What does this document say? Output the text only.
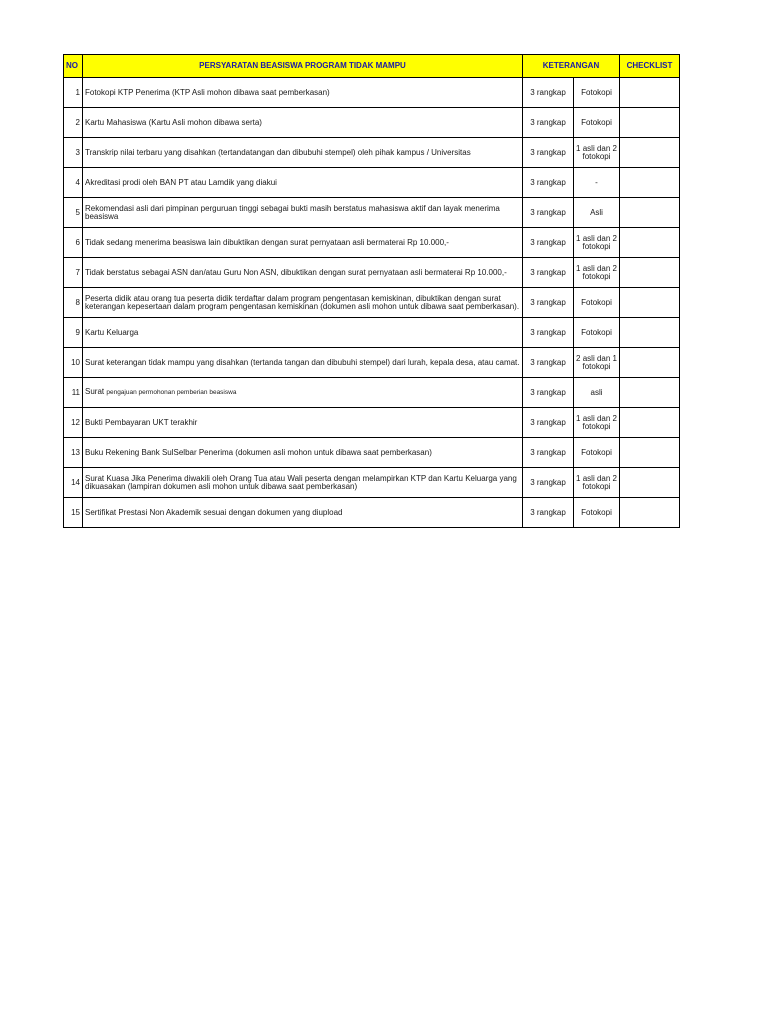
NO	PERSYARATAN BEASISWA PROGRAM TIDAK MAMPU	KETERANGAN		CHECKLIST
1	Fotokopi KTP Penerima (KTP Asli mohon dibawa saat pemberkasan)	3 rangkap	Fotokopi	
2	Kartu Mahasiswa (Kartu Asli mohon dibawa serta)	3 rangkap	Fotokopi	
3	Transkrip nilai terbaru yang disahkan (tertandatangan dan dibubuhi stempel) oleh pihak kampus / Universitas	3 rangkap	1 asli dan 2 fotokopi	
4	Akreditasi prodi oleh BAN PT atau Lamdik yang diakui	3 rangkap	-	
5	Rekomendasi asli dari pimpinan perguruan tinggi sebagai bukti masih berstatus mahasiswa aktif dan layak menerima beasiswa	3 rangkap	Asli	
6	Tidak sedang menerima beasiswa lain dibuktikan dengan surat pernyataan asli bermaterai Rp 10.000,-	3 rangkap	1 asli dan 2 fotokopi	
7	Tidak berstatus sebagai ASN dan/atau Guru Non ASN, dibuktikan dengan surat pernyataan asli bermaterai Rp 10.000,-	3 rangkap	1 asli dan 2 fotokopi	
8	Peserta didik atau orang tua peserta didik terdaftar dalam program pengentasan kemiskinan, dibuktikan dengan surat keterangan kepesertaan dalam program pengentasan kemiskinan (dokumen asli mohon untuk dibawa saat pemberkasan).	3 rangkap	Fotokopi	
9	Kartu Keluarga	3 rangkap	Fotokopi	
10	Surat keterangan tidak mampu yang disahkan (tertanda tangan dan dibubuhi stempel) dari lurah, kepala desa, atau camat.	3 rangkap	2 asli dan 1 fotokopi	
11	Surat pengajuan permohonan pemberian beasiswa	3 rangkap	asli	
12	Bukti Pembayaran UKT terakhir	3 rangkap	1 asli dan 2 fotokopi	
13	Buku Rekening Bank SulSelbar Penerima (dokumen asli mohon untuk dibawa saat pemberkasan)	3 rangkap	Fotokopi	
14	Surat Kuasa Jika Penerima diwakili oleh Orang Tua atau Wali peserta dengan melampirkan KTP dan Kartu Keluarga yang dikuasakan (lampiran dokumen asli mohon untuk dibawa saat pemberkasan)	3 rangkap	1 asli dan 2 fotokopi	
15	Sertifikat Prestasi Non Akademik sesuai dengan dokumen yang diupload	3 rangkap	Fotokopi	
